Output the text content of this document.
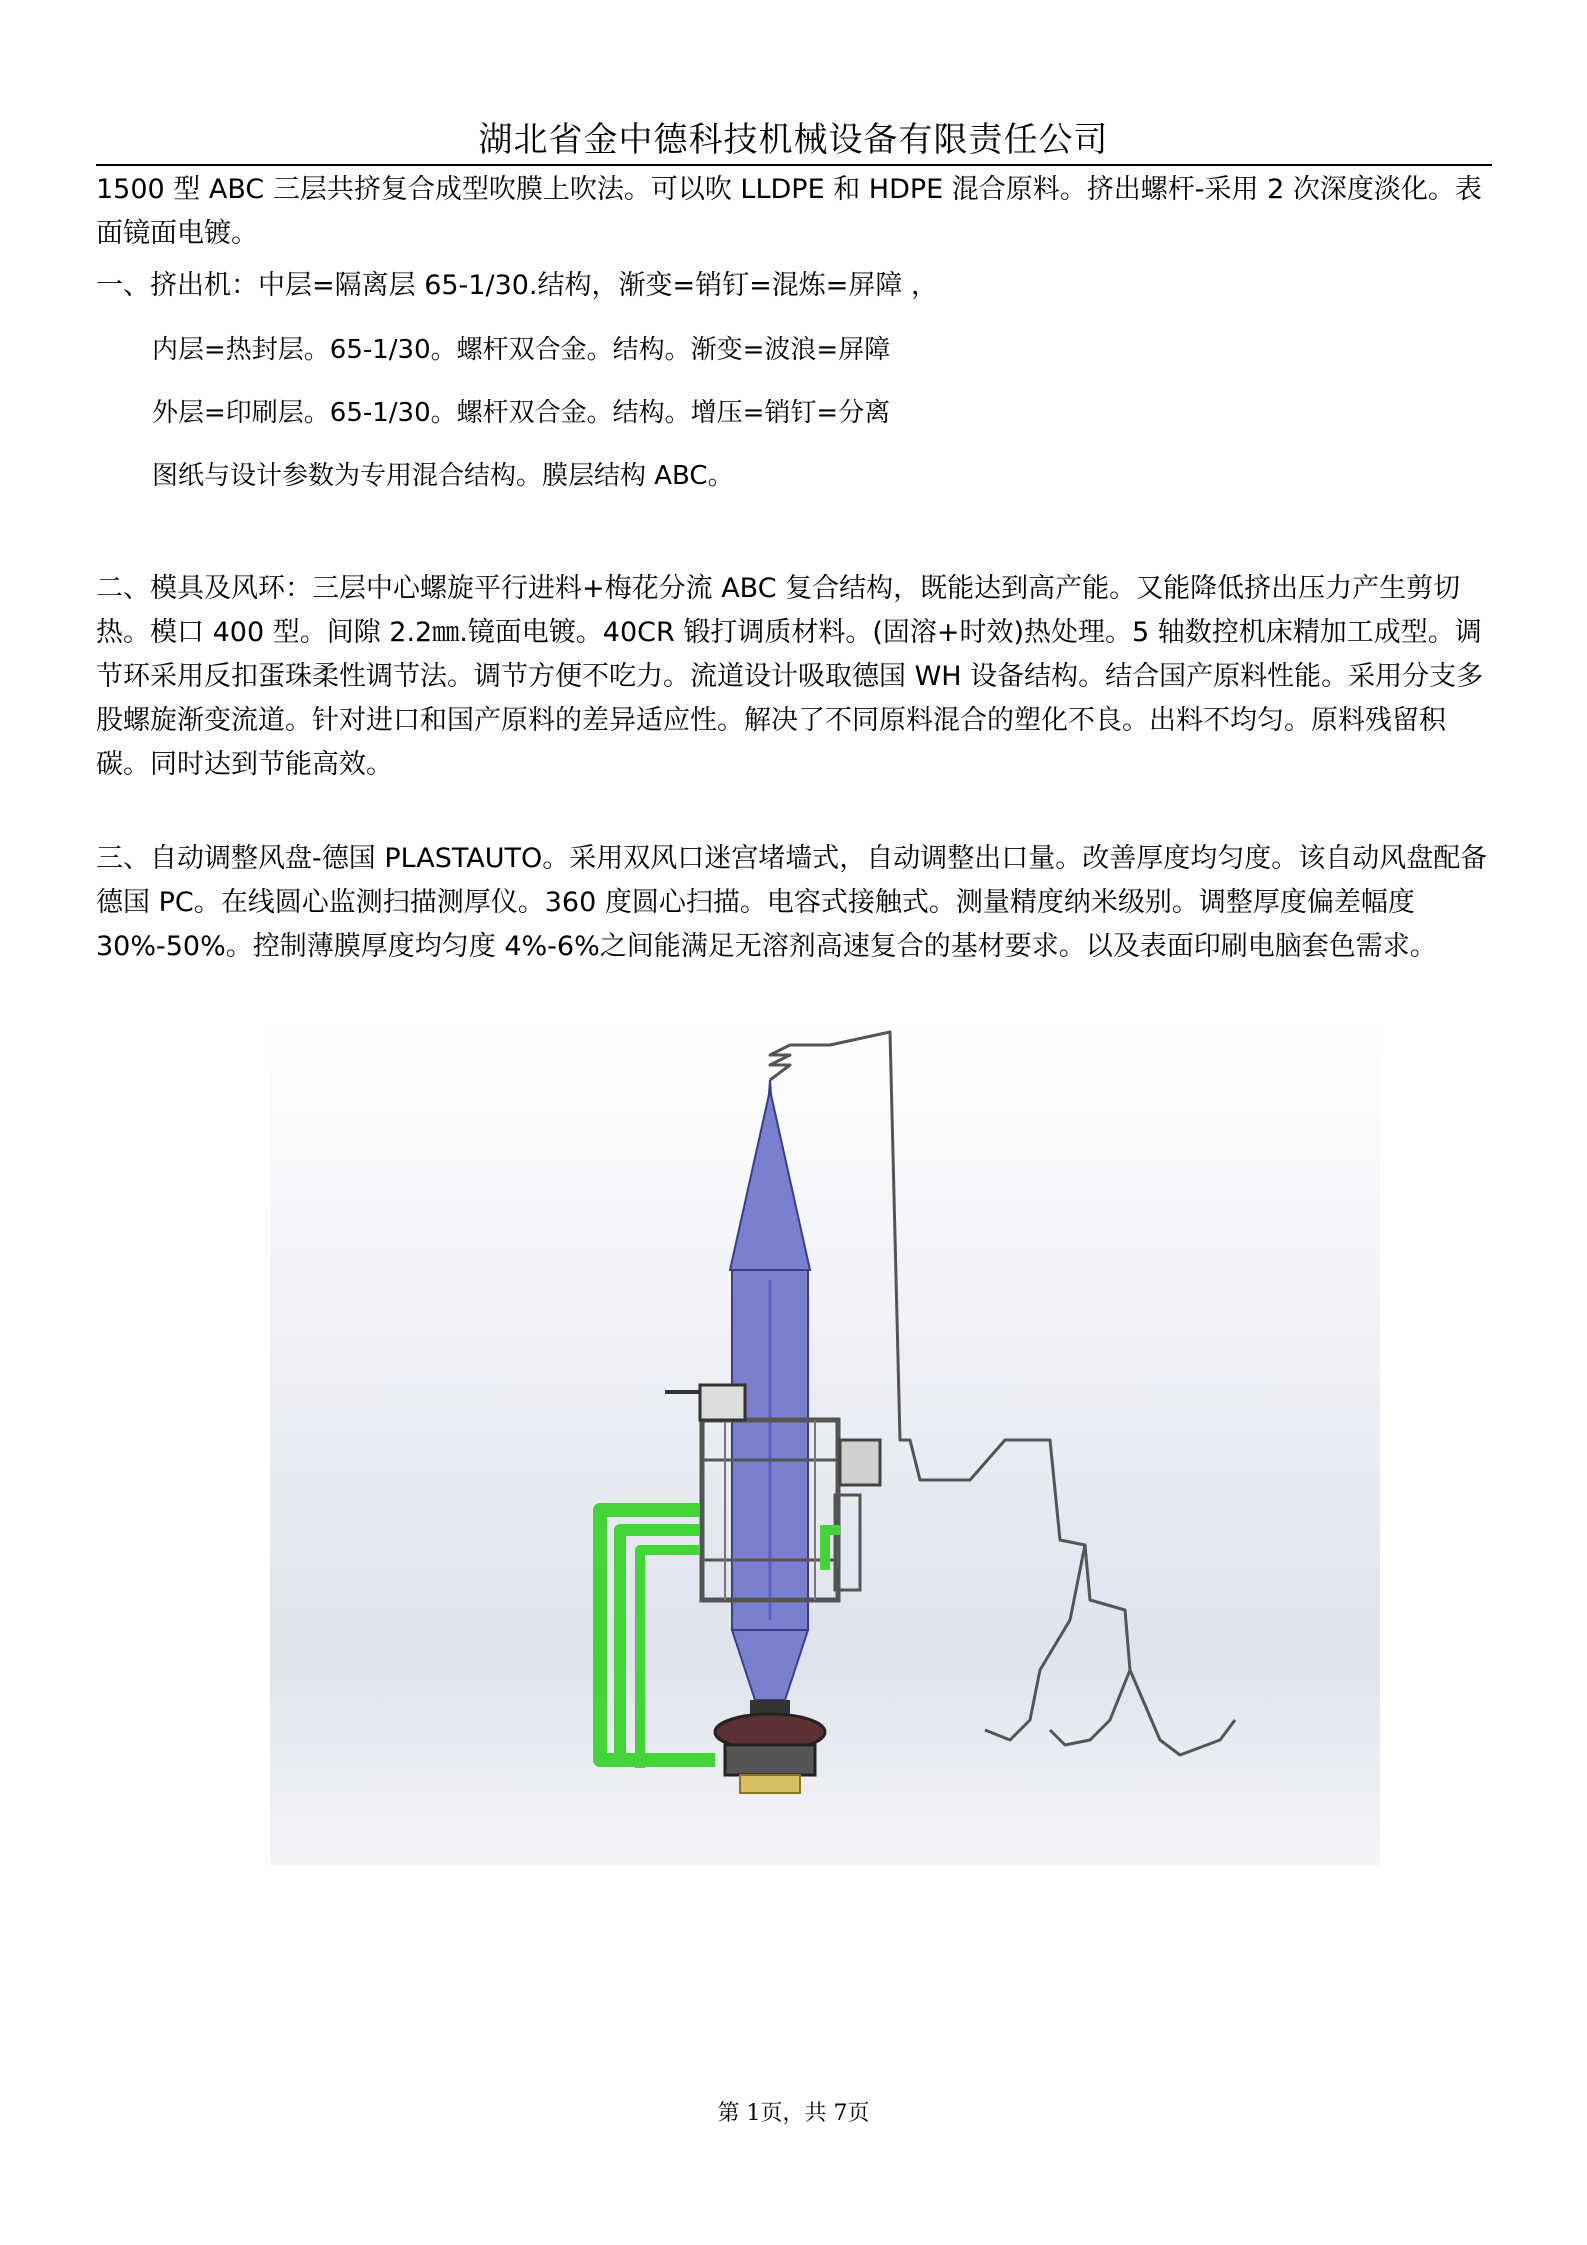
湖北省金中德科技机械设备有限责任公司

1500 型 ABC 三层共挤复合成型吹膜上吹法。可以吹 LLDPE 和 HDPE 混合原料。挤出螺杆-采用 2 次深度淡化。表面镜面电镀。

一、挤出机：中层=隔离层 65-1/30.结构，渐变=销钉=混炼=屏障 ，

内层=热封层。65-1/30。螺杆双合金。结构。渐变=波浪=屏障
外层=印刷层。65-1/30。螺杆双合金。结构。增压=销钉=分离
图纸与设计参数为专用混合结构。膜层结构 ABC。

二、模具及风环：三层中心螺旋平行进料+梅花分流 ABC 复合结构，既能达到高产能。又能降低挤出压力产生剪切热。模口 400 型。间隙 2.2㎜.镜面电镀。40CR 锻打调质材料。(固溶+时效)热处理。5 轴数控机床精加工成型。调节环采用反扣蛋珠柔性调节法。调节方便不吃力。流道设计吸取德国 WH 设备结构。结合国产原料性能。采用分支多股螺旋渐变流道。针对进口和国产原料的差异适应性。解决了不同原料混合的塑化不良。出料不均匀。原料残留积碳。同时达到节能高效。

三、自动调整风盘-德国 PLASTAUTO。采用双风口迷宫堵墙式，自动调整出口量。改善厚度均匀度。该自动风盘配备德国 PC。在线圆心监测扫描测厚仪。360 度圆心扫描。电容式接触式。测量精度纳米级别。调整厚度偏差幅度 30%-50%。控制薄膜厚度均匀度 4%-6%之间能满足无溶剂高速复合的基材要求。以及表面印刷电脑套色需求。

第 1页，共 7页
